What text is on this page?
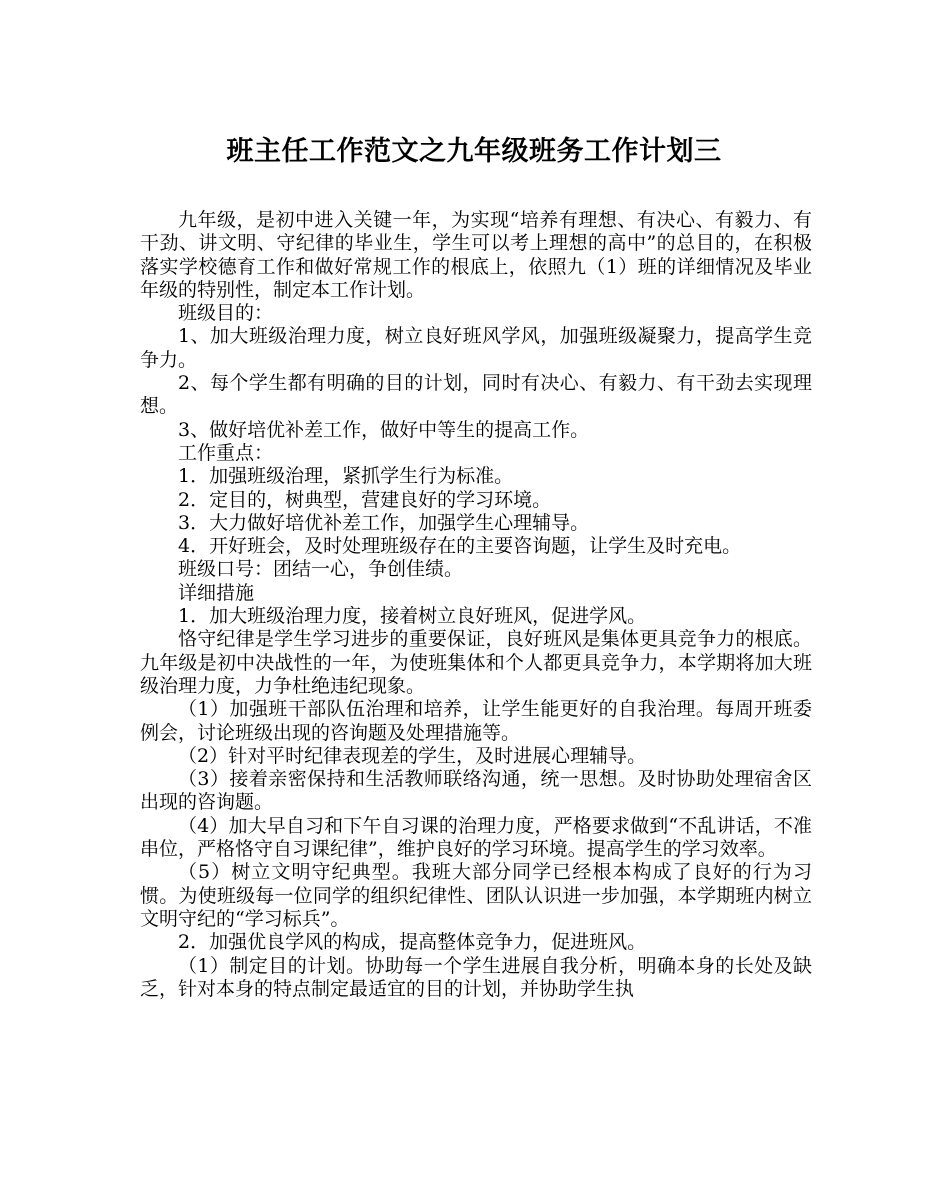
班主任工作范文之九年级班务工作计划三

九年级，是初中进入关键一年，为实现“培养有理想、有决心、有毅力、有干劲、讲文明、守纪律的毕业生，学生可以考上理想的高中”的总目的，在积极落实学校德育工作和做好常规工作的根底上，依照九（1）班的详细情况及毕业年级的特别性，制定本工作计划。

班级目的：

1、加大班级治理力度，树立良好班风学风，加强班级凝聚力，提高学生竞争力。

2、每个学生都有明确的目的计划，同时有决心、有毅力、有干劲去实现理想。

3、做好培优补差工作，做好中等生的提高工作。

工作重点：

1．加强班级治理，紧抓学生行为标准。

2．定目的，树典型，营建良好的学习环境。

3．大力做好培优补差工作，加强学生心理辅导。

4．开好班会，及时处理班级存在的主要咨询题，让学生及时充电。

班级口号：团结一心，争创佳绩。

详细措施

1．加大班级治理力度，接着树立良好班风，促进学风。

恪守纪律是学生学习进步的重要保证，良好班风是集体更具竞争力的根底。九年级是初中决战性的一年，为使班集体和个人都更具竞争力，本学期将加大班级治理力度，力争杜绝违纪现象。

（1）加强班干部队伍治理和培养，让学生能更好的自我治理。每周开班委例会，讨论班级出现的咨询题及处理措施等。

（2）针对平时纪律表现差的学生，及时进展心理辅导。

（3）接着亲密保持和生活教师联络沟通，统一思想。及时协助处理宿舍区出现的咨询题。

（4）加大早自习和下午自习课的治理力度，严格要求做到“不乱讲话，不准串位，严格恪守自习课纪律”，维护良好的学习环境。提高学生的学习效率。

（5）树立文明守纪典型。我班大部分同学已经根本构成了良好的行为习惯。为使班级每一位同学的组织纪律性、团队认识进一步加强，本学期班内树立文明守纪的“学习标兵”。

2．加强优良学风的构成，提高整体竞争力，促进班风。

（1）制定目的计划。协助每一个学生进展自我分析，明确本身的长处及缺乏，针对本身的特点制定最适宜的目的计划，并协助学生执
